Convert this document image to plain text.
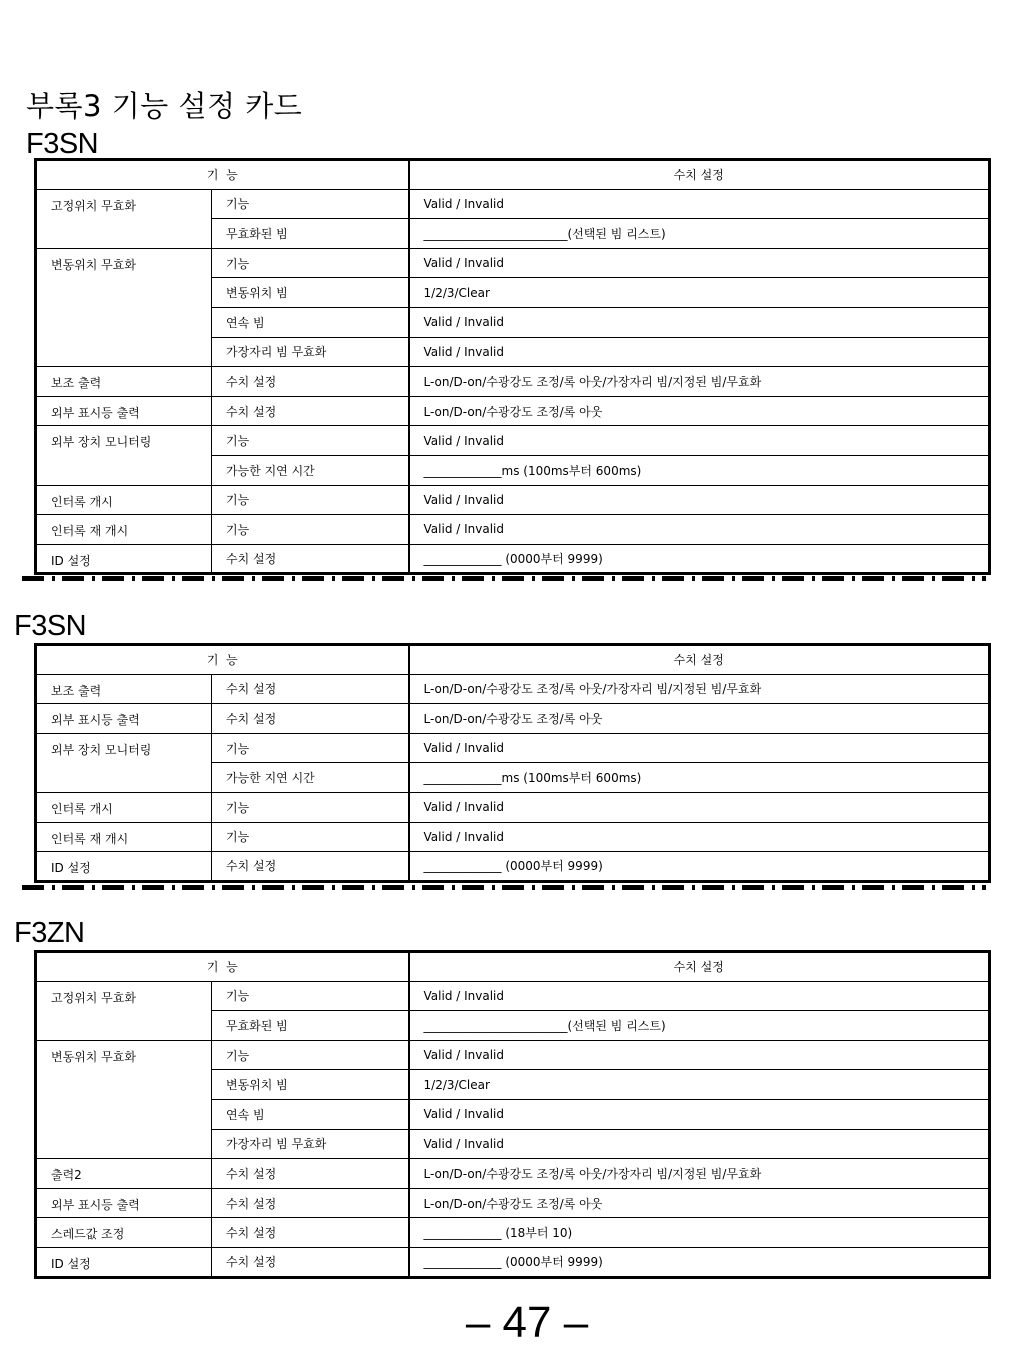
부록3 기능 설정 카드
F3SN
기  능		수치 설정
고정위치 무효화	기능	Valid / Invalid
	무효화된 빔	________________________(선택된 빔 리스트)
변동위치 무효화	기능	Valid / Invalid
	변동위치 빔	1/2/3/Clear
	연속 빔	Valid / Invalid
	가장자리 빔 무효화	Valid / Invalid
보조 출력	수치 설정	L-on/D-on/수광강도 조정/록 아웃/가장자리 빔/지정된 빔/무효화
외부 표시등 출력	수치 설정	L-on/D-on/수광강도 조정/록 아웃
외부 장치 모니터링	기능	Valid / Invalid
	가능한 지연 시간	_____________ms (100ms부터 600ms)
인터록 개시	기능	Valid / Invalid
인터록 재 개시	기능	Valid / Invalid
ID 설정	수치 설정	_____________ (0000부터 9999)
F3SN
기  능		수치 설정
보조 출력	수치 설정	L-on/D-on/수광강도 조정/록 아웃/가장자리 빔/지정된 빔/무효화
외부 표시등 출력	수치 설정	L-on/D-on/수광강도 조정/록 아웃
외부 장치 모니터링	기능	Valid / Invalid
	가능한 지연 시간	_____________ms (100ms부터 600ms)
인터록 개시	기능	Valid / Invalid
인터록 재 개시	기능	Valid / Invalid
ID 설정	수치 설정	_____________ (0000부터 9999)
F3ZN
기  능		수치 설정
고정위치 무효화	기능	Valid / Invalid
	무효화된 빔	________________________(선택된 빔 리스트)
변동위치 무효화	기능	Valid / Invalid
	변동위치 빔	1/2/3/Clear
	연속 빔	Valid / Invalid
	가장자리 빔 무효화	Valid / Invalid
출력2	수치 설정	L-on/D-on/수광강도 조정/록 아웃/가장자리 빔/지정된 빔/무효화
외부 표시등 출력	수치 설정	L-on/D-on/수광강도 조정/록 아웃
스레드값 조정	수치 설정	_____________ (18부터 10)
ID 설정	수치 설정	_____________ (0000부터 9999)
– 47 –
